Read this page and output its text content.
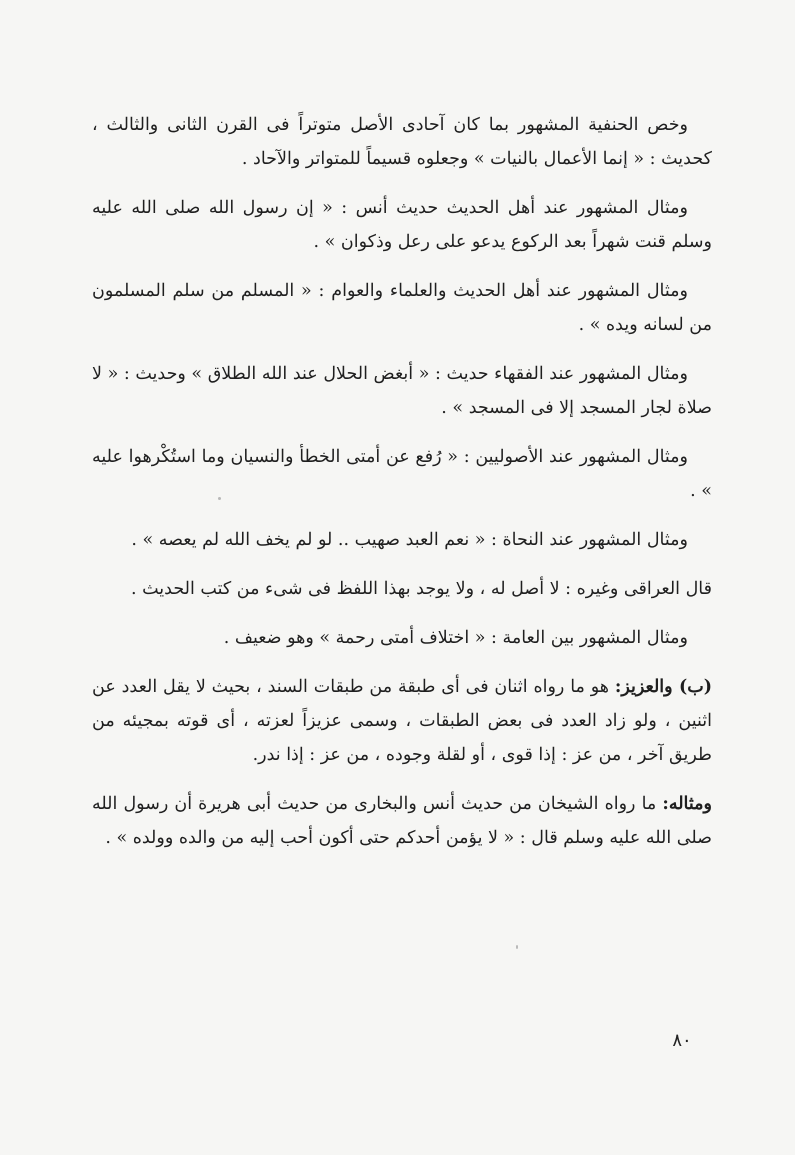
وخص الحنفية المشهور بما كان آحادى الأصل متوتراً فى القرن الثانى والثالث ، كحديث : « إنما الأعمال بالنيات » وجعلوه قسيماً للمتواتر والآحاد .

ومثال المشهور عند أهل الحديث حديث أنس : « إن رسول الله صلى الله عليه وسلم قنت شهراً بعد الركوع يدعو على رعل وذكوان » .

ومثال المشهور عند أهل الحديث والعلماء والعوام : « المسلم من سلم المسلمون من لسانه ويده » .

ومثال المشهور عند الفقهاء حديث : « أبغض الحلال عند الله الطلاق » وحديث : « لا صلاة لجار المسجد إلا فى المسجد » .

ومثال المشهور عند الأصوليين : « رُفع عن أمتى الخطأ والنسيان وما استُكْرهوا عليه » .

ومثال المشهور عند النحاة : « نعم العبد صهيب .. لو لم يخف الله لم يعصه » .

قال العراقى وغيره : لا أصل له ، ولا يوجد بهذا اللفظ فى شىء من كتب الحديث .

ومثال المشهور بين العامة : « اختلاف أمتى رحمة » وهو ضعيف .

(ب) والعزيز: هو ما رواه اثنان فى أى طبقة من طبقات السند ، بحيث لا يقل العدد عن اثنين ، ولو زاد العدد فى بعض الطبقات ، وسمى عزيزاً لعزته ، أى قوته بمجيئه من طريق آخر ، من عز : إذا قوى ، أو لقلة وجوده ، من عز : إذا ندر.

ومثاله: ما رواه الشيخان من حديث أنس والبخارى من حديث أبى هريرة أن رسول الله صلى الله عليه وسلم قال : « لا يؤمن أحدكم حتى أكون أحب إليه من والده وولده » .

٨٠
